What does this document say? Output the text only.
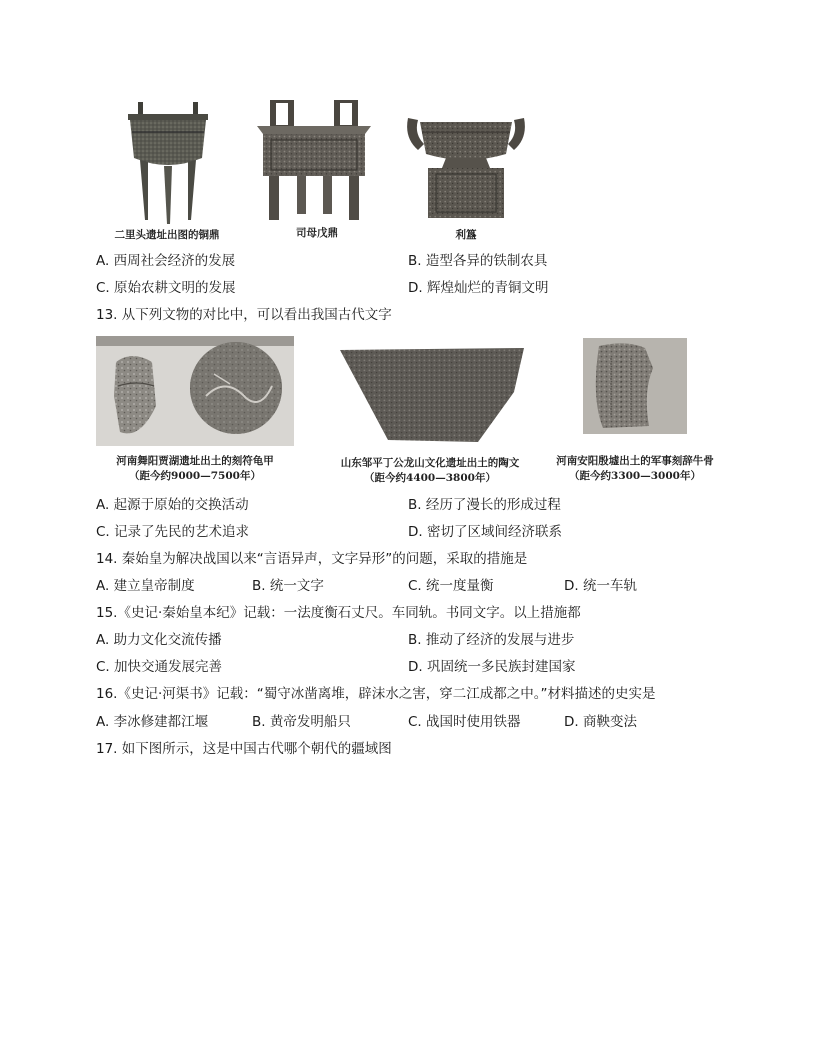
二里头遗址出图的铜鼎	司母戊鼎	利簋
A. 西周社会经济的发展	B. 造型各异的铁制农具
C. 原始农耕文明的发展	D. 辉煌灿烂的青铜文明
13. 从下列文物的对比中，可以看出我国古代文字
河南舞阳贾湖遗址出土的刻符龟甲
（距今约9000—7500年）
山东邹平丁公龙山文化遗址出土的陶文
（距今约4400—3800年）
河南安阳殷墟出土的军事刻辞牛骨
（距今约3300—3000年）
A. 起源于原始的交换活动	B. 经历了漫长的形成过程
C. 记录了先民的艺术追求	D. 密切了区域间经济联系
14. 秦始皇为解决战国以来“言语异声，文字异形”的问题，采取的措施是
A. 建立皇帝制度	B. 统一文字	C. 统一度量衡	D. 统一车轨
15.《史记·秦始皇本纪》记载：一法度衡石丈尺。车同轨。书同文字。以上措施都
A. 助力文化交流传播	B. 推动了经济的发展与进步
C. 加快交通发展完善	D. 巩固统一多民族封建国家
16.《史记·河渠书》记载：“蜀守冰凿离堆，辟沫水之害，穿二江成都之中。”材料描述的史实是
A. 李冰修建都江堰	B. 黄帝发明船只	C. 战国时使用铁器	D. 商鞅变法
17. 如下图所示，这是中国古代哪个朝代的疆域图
